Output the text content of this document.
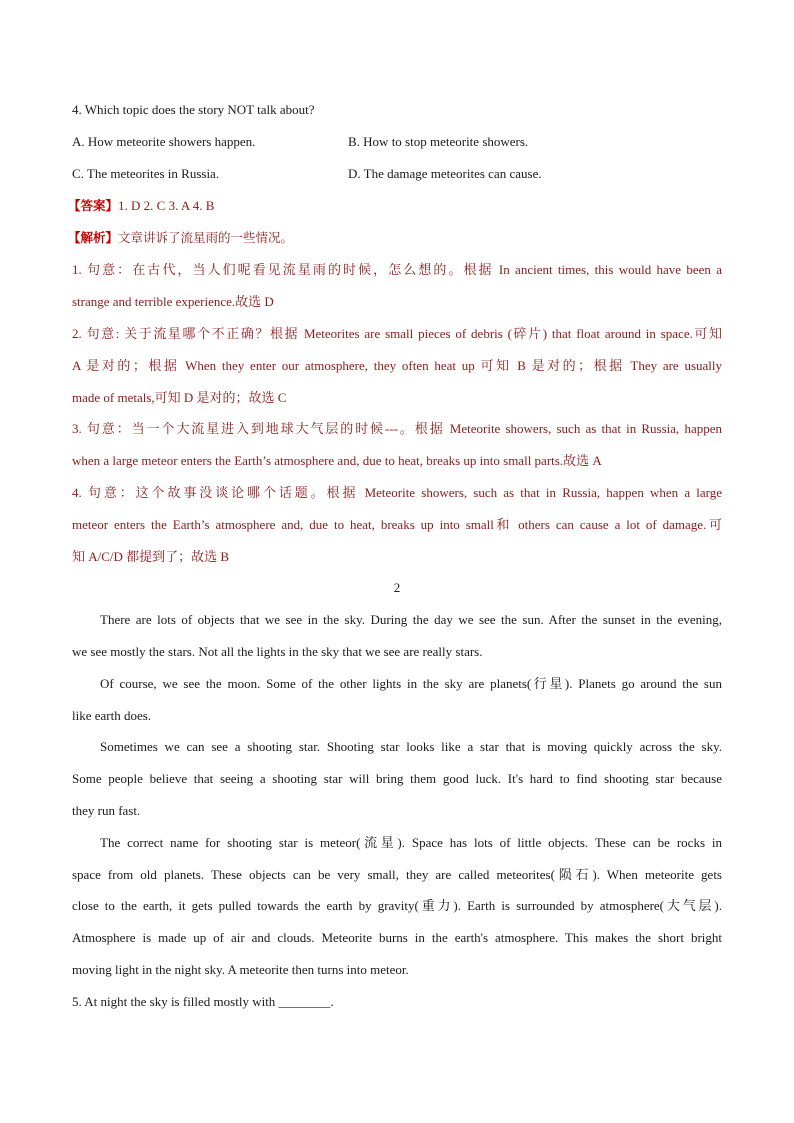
4. Which topic does the story NOT talk about?
A. How meteorite showers happen.	B. How to stop meteorite showers.
C. The meteorites in Russia.	D. The damage meteorites can cause.
【答案】1. D 2. C 3. A 4. B
【解析】文章讲诉了流星雨的一些情况。
1. 句意：在古代，当人们呢看见流星雨的时候，怎么想的。根据 In ancient times, this would have been a
strange and terrible experience.故选 D
2. 句意: 关于流星哪个不正确？根据 Meteorites are small pieces of debris (碎片) that float around in space.可知
A 是对的；根据 When they enter our atmosphere, they often heat up 可知 B 是对的；根据 They are usually
made of metals,可知 D 是对的；故选 C
3. 句意：当一个大流星进入到地球大气层的时候---。根据 Meteorite showers, such as that in Russia, happen
when a large meteor enters the Earth’s atmosphere and, due to heat, breaks up into small parts.故选 A
4. 句意：这个故事没谈论哪个话题。根据 Meteorite showers, such as that in Russia, happen when a large
meteor enters the Earth’s atmosphere and, due to heat, breaks up into small和 others can cause a lot of damage.可
知 A/C/D 都提到了；故选 B
2
There are lots of objects that we see in the sky. During the day we see the sun. After the sunset in the evening,
we see mostly the stars. Not all the lights in the sky that we see are really stars.
Of course, we see the moon. Some of the other lights in the sky are planets(行星). Planets go around the sun
like earth does.
Sometimes we can see a shooting star. Shooting star looks like a star that is moving quickly across the sky.
Some people believe that seeing a shooting star will bring them good luck. It's hard to find shooting star because
they run fast.
The correct name for shooting star is meteor(流星). Space has lots of little objects. These can be rocks in
space from old planets. These objects can be very small, they are called meteorites(陨石). When meteorite gets
close to the earth, it gets pulled towards the earth by gravity(重力). Earth is surrounded by atmosphere(大气层).
Atmosphere is made up of air and clouds. Meteorite burns in the earth's atmosphere. This makes the short bright
moving light in the night sky. A meteorite then turns into meteor.
5. At night the sky is filled mostly with ________.
